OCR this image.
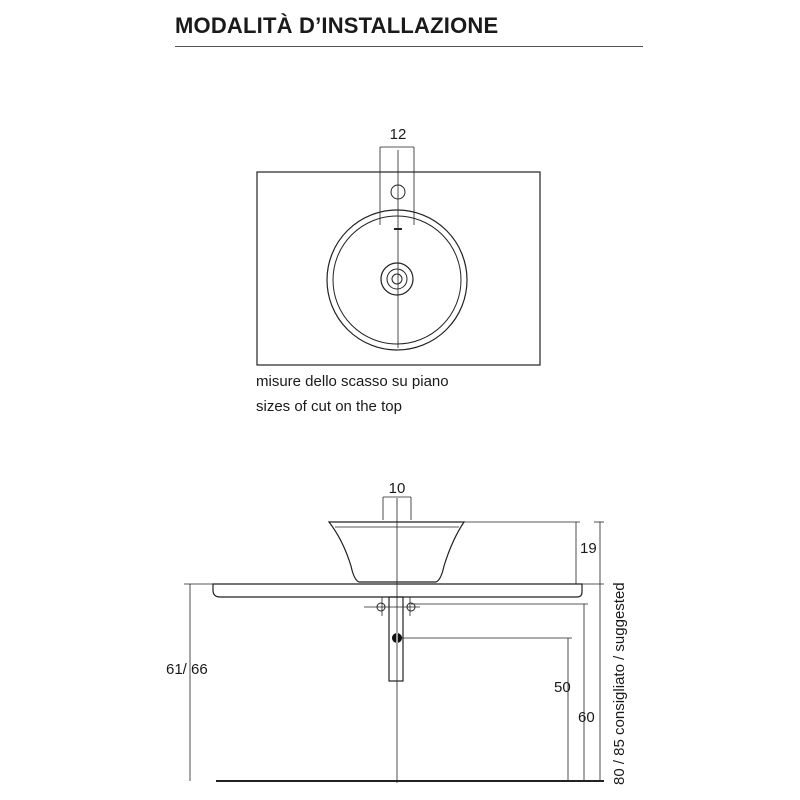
MODALITÀ D’INSTALLAZIONE
12
misure dello scasso su piano
sizes of cut on the top
10
19
61/ 66
50
60 80 / 85 consigliato / suggested
